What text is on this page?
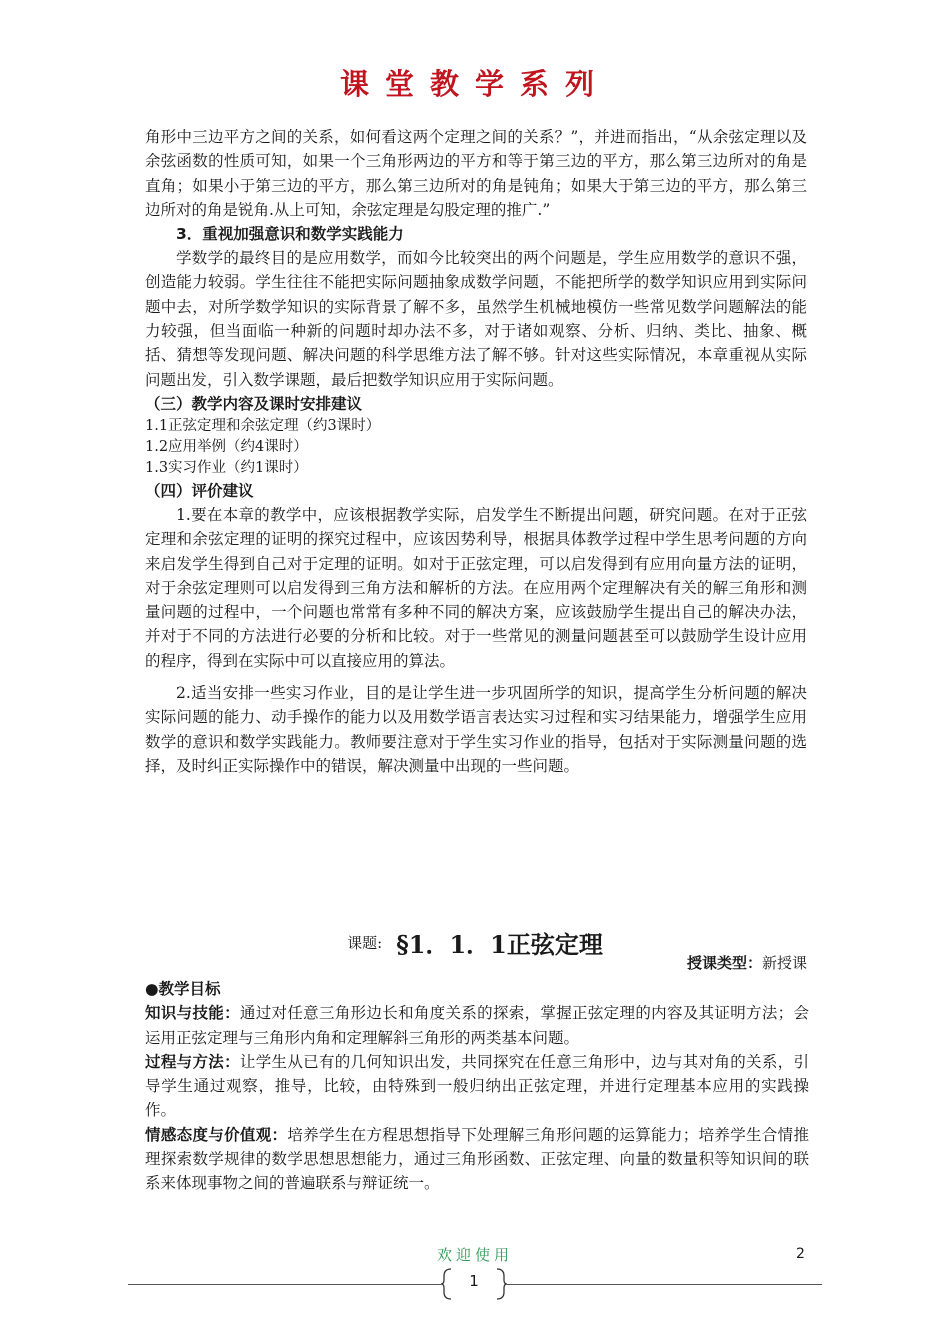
课堂教学系列

角形中三边平方之间的关系，如何看这两个定理之间的关系？”，并进而指出，“从余弦定理以及余弦函数的性质可知，如果一个三角形两边的平方和等于第三边的平方，那么第三边所对的角是直角；如果小于第三边的平方，那么第三边所对的角是钝角；如果大于第三边的平方，那么第三边所对的角是锐角.从上可知，余弦定理是勾股定理的推广.”

3．重视加强意识和数学实践能力

学数学的最终目的是应用数学，而如今比较突出的两个问题是，学生应用数学的意识不强，创造能力较弱。学生往往不能把实际问题抽象成数学问题，不能把所学的数学知识应用到实际问题中去，对所学数学知识的实际背景了解不多，虽然学生机械地模仿一些常见数学问题解法的能力较强，但当面临一种新的问题时却办法不多，对于诸如观察、分析、归纳、类比、抽象、概括、猜想等发现问题、解决问题的科学思维方法了解不够。针对这些实际情况，本章重视从实际问题出发，引入数学课题，最后把数学知识应用于实际问题。

（三）教学内容及课时安排建议

1.1正弦定理和余弦定理（约3课时）

1.2应用举例（约4课时）

1.3实习作业（约1课时）

（四）评价建议

1.要在本章的教学中，应该根据教学实际，启发学生不断提出问题，研究问题。在对于正弦定理和余弦定理的证明的探究过程中，应该因势利导，根据具体教学过程中学生思考问题的方向来启发学生得到自己对于定理的证明。如对于正弦定理，可以启发得到有应用向量方法的证明，对于余弦定理则可以启发得到三角方法和解析的方法。在应用两个定理解决有关的解三角形和测量问题的过程中，一个问题也常常有多种不同的解决方案，应该鼓励学生提出自己的解决办法，并对于不同的方法进行必要的分析和比较。对于一些常见的测量问题甚至可以鼓励学生设计应用的程序，得到在实际中可以直接应用的算法。

2.适当安排一些实习作业，目的是让学生进一步巩固所学的知识，提高学生分析问题的解决实际问题的能力、动手操作的能力以及用数学语言表达实习过程和实习结果能力，增强学生应用数学的意识和数学实践能力。教师要注意对于学生实习作业的指导，包括对于实际测量问题的选择，及时纠正实际操作中的错误，解决测量中出现的一些问题。

课题: §1．1．1正弦定理
授课类型：新授课

●教学目标

知识与技能：通过对任意三角形边长和角度关系的探索，掌握正弦定理的内容及其证明方法；会运用正弦定理与三角形内角和定理解斜三角形的两类基本问题。

过程与方法：让学生从已有的几何知识出发，共同探究在任意三角形中，边与其对角的关系，引导学生通过观察，推导，比较，由特殊到一般归纳出正弦定理，并进行定理基本应用的实践操作。

情感态度与价值观：培养学生在方程思想指导下处理解三角形问题的运算能力；培养学生合情推理探索数学规律的数学思想思想能力，通过三角形函数、正弦定理、向量的数量积等知识间的联系来体现事物之间的普遍联系与辩证统一。

欢迎使用	2
1
